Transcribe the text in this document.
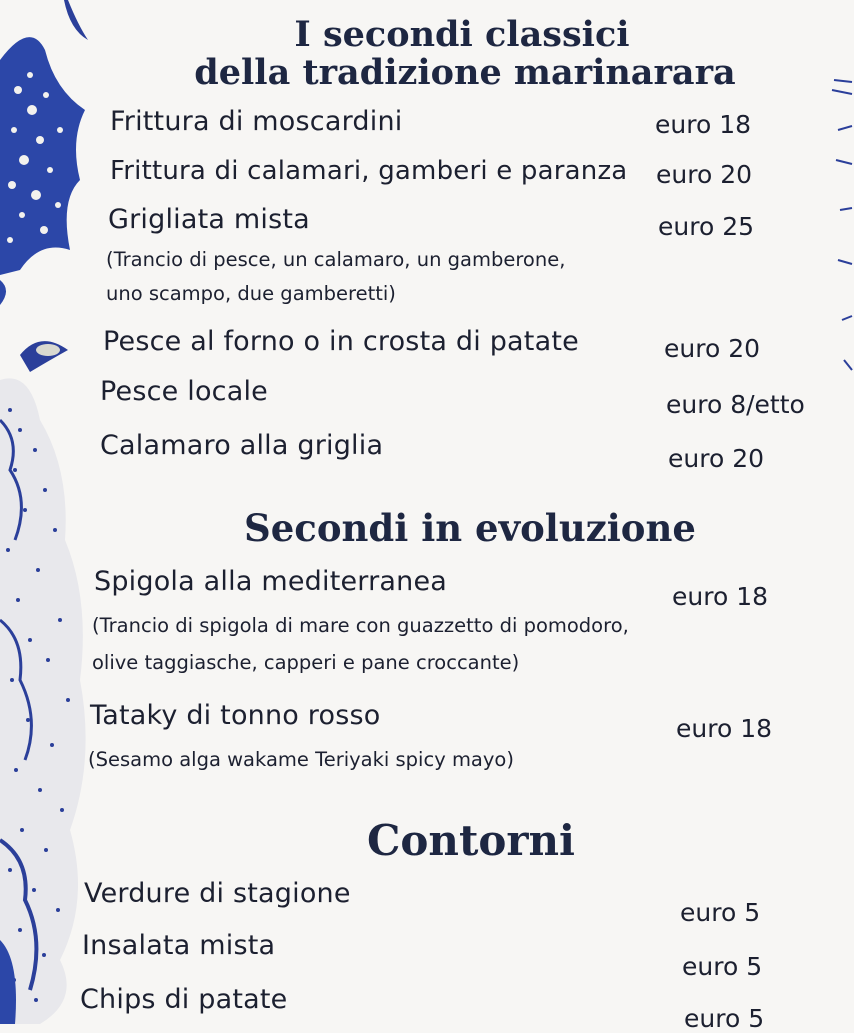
I secondi classici
della tradizione marinarara
Frittura di moscardini	euro 18
Frittura di calamari, gamberi e paranza euro 20
Grigliata mista	euro 25
(Trancio di pesce, un calamaro, un gamberone,
uno scampo, due gamberetti)
Pesce al forno o in crosta di patate	euro 20
Pesce locale	euro 8/etto
Calamaro alla griglia	euro 20
Secondi in evoluzione
Spigola alla mediterranea	euro 18
(Trancio di spigola di mare con guazzetto di pomodoro,
olive taggiasche, capperi e pane croccante)
Tataky di tonno rosso	euro 18
(Sesamo alga wakame Teriyaki spicy mayo)
Contorni
Verdure di stagione
euro 5
Insalata mista
euro 5
Chips di patate
euro 5
